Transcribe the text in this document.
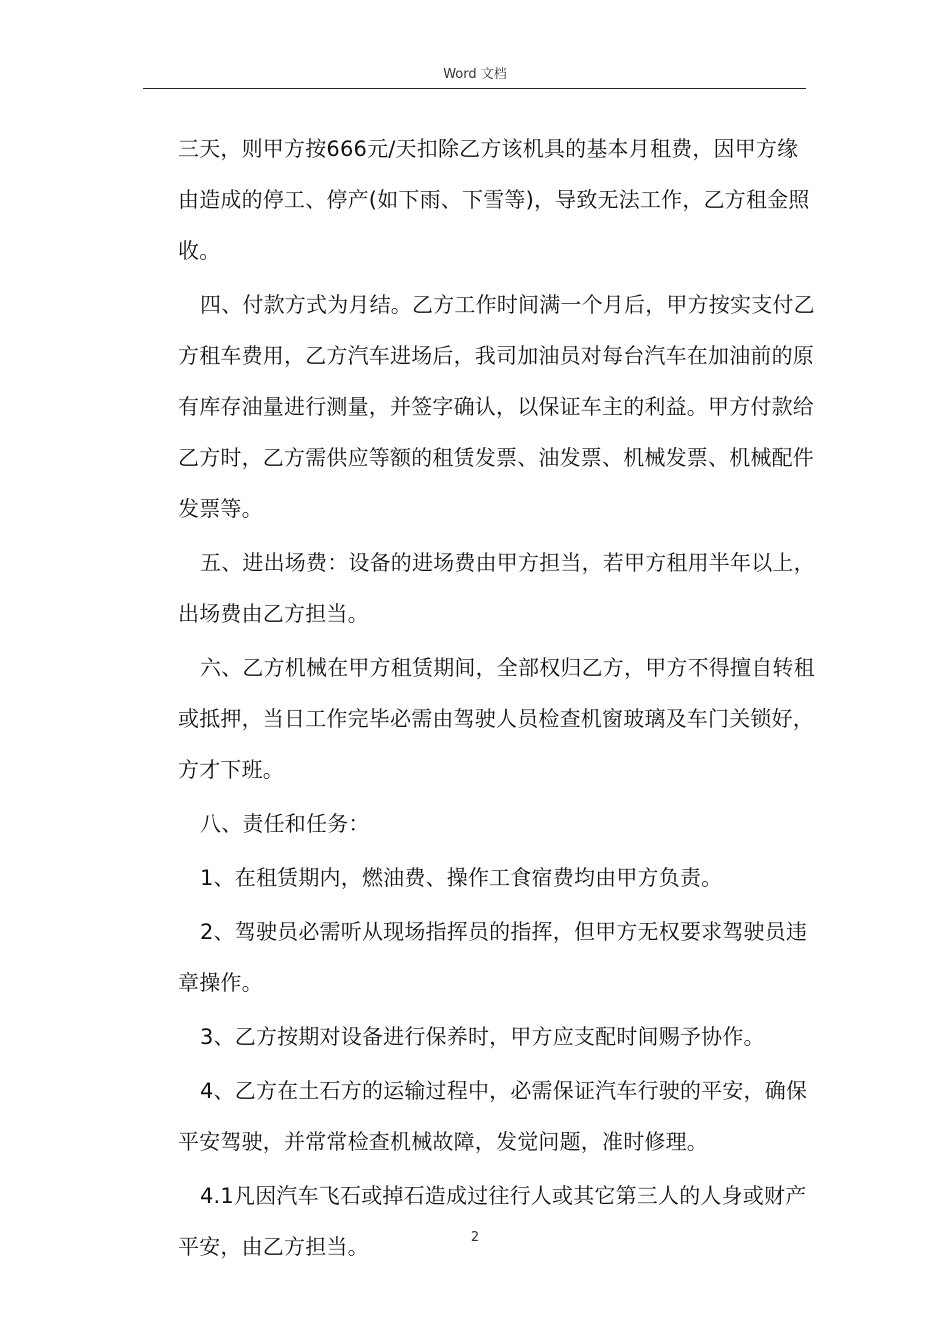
Word 文档

三天，则甲方按666元/天扣除乙方该机具的基本月租费，因甲方缘由造成的停工、停产(如下雨、下雪等)，导致无法工作，乙方租金照收。

四、付款方式为月结。乙方工作时间满一个月后，甲方按实支付乙方租车费用，乙方汽车进场后，我司加油员对每台汽车在加油前的原有库存油量进行测量，并签字确认，以保证车主的利益。甲方付款给乙方时，乙方需供应等额的租赁发票、油发票、机械发票、机械配件发票等。

五、进出场费：设备的进场费由甲方担当，若甲方租用半年以上，出场费由乙方担当。

六、乙方机械在甲方租赁期间，全部权归乙方，甲方不得擅自转租或抵押，当日工作完毕必需由驾驶人员检查机窗玻璃及车门关锁好，方才下班。

八、责任和任务：

1、在租赁期内，燃油费、操作工食宿费均由甲方负责。

2、驾驶员必需听从现场指挥员的指挥，但甲方无权要求驾驶员违章操作。

3、乙方按期对设备进行保养时，甲方应支配时间赐予协作。

4、乙方在土石方的运输过程中，必需保证汽车行驶的平安，确保平安驾驶，并常常检查机械故障，发觉问题，准时修理。

4.1凡因汽车飞石或掉石造成过往行人或其它第三人的人身或财产平安，由乙方担当。	2
